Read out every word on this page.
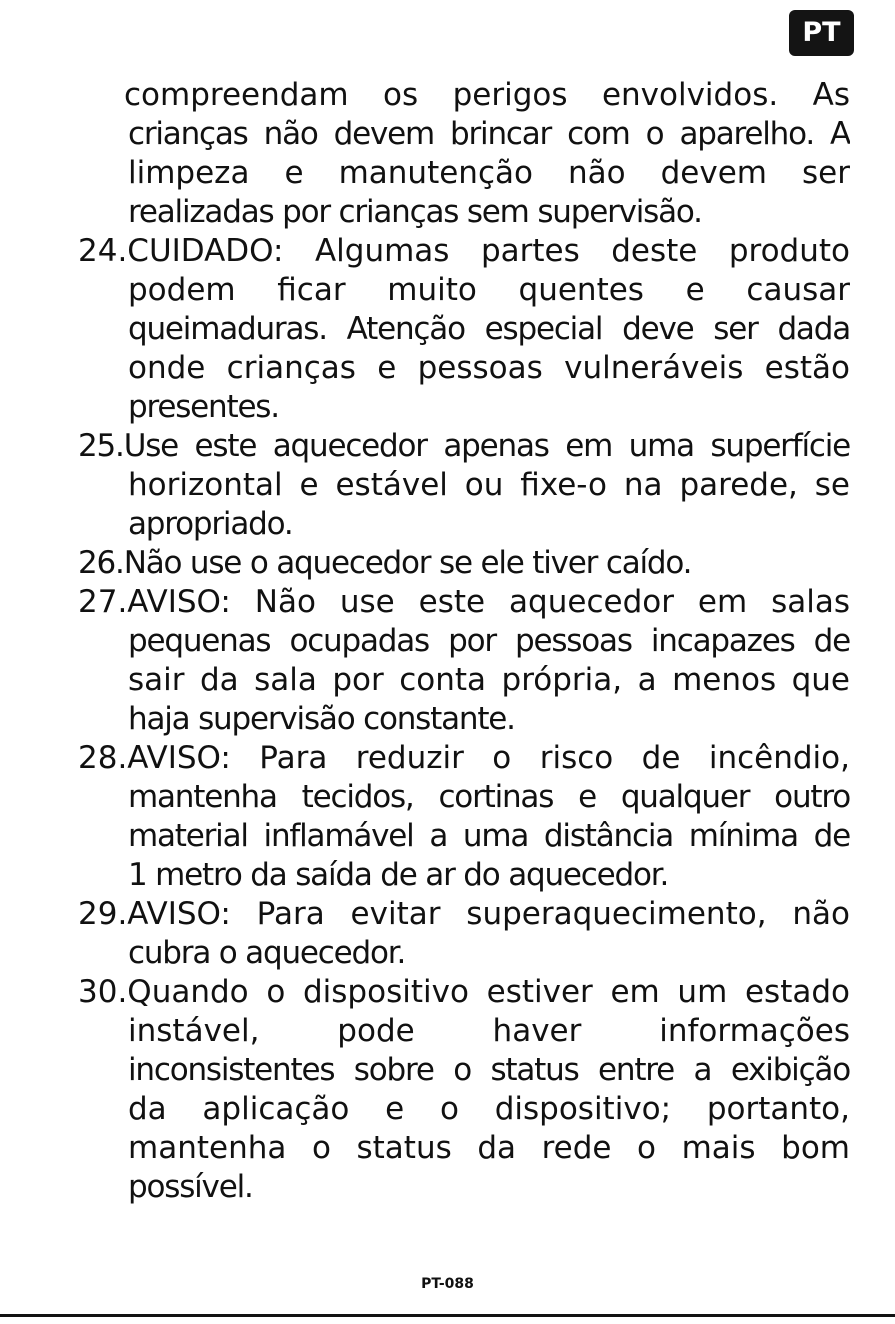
PT
compreendam os perigos envolvidos. As
crianças não devem brincar com o aparelho. A
limpeza e manutenção não devem ser
realizadas por crianças sem supervisão.
24.CUIDADO: Algumas partes deste produto
podem ficar muito quentes e causar
queimaduras. Atenção especial deve ser dada
onde crianças e pessoas vulneráveis estão
presentes.
25.Use este aquecedor apenas em uma superfície
horizontal e estável ou fixe-o na parede, se
apropriado.
26.Não use o aquecedor se ele tiver caído.
27.AVISO: Não use este aquecedor em salas
pequenas ocupadas por pessoas incapazes de
sair da sala por conta própria, a menos que
haja supervisão constante.
28.AVISO: Para reduzir o risco de incêndio,
mantenha tecidos, cortinas e qualquer outro
material inflamável a uma distância mínima de
1 metro da saída de ar do aquecedor.
29.AVISO: Para evitar superaquecimento, não
cubra o aquecedor.
30.Quando o dispositivo estiver em um estado
instável, pode haver informações
inconsistentes sobre o status entre a exibição
da aplicação e o dispositivo; portanto,
mantenha o status da rede o mais bom
possível.
PT-088
